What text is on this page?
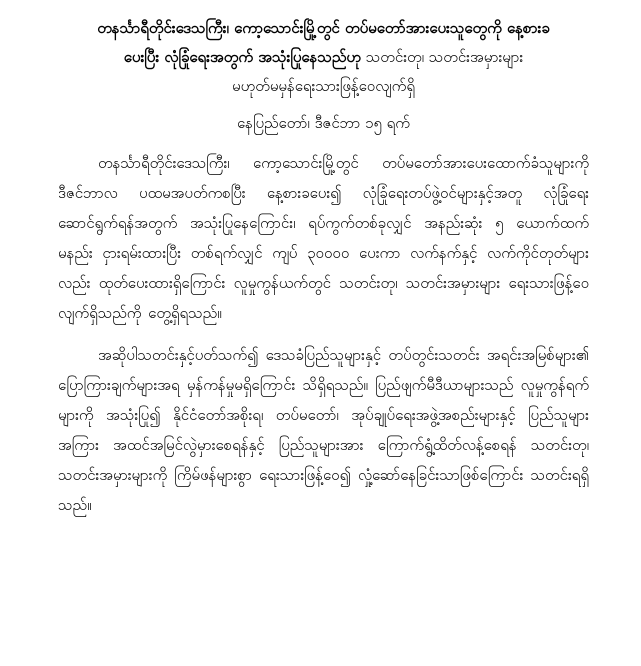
တနင်္သာရီတိုင်းဒေသကြီး၊ ကော့သောင်းမြို့တွင် တပ်မတော်အားပေးသူတွေကို နေ့စားခ
ပေးပြီး လုံခြုံရေးအတွက် အသုံးပြုနေသည်ဟု သတင်းတု၊ သတင်းအမှားများ

မဟုတ်မမှန်ရေးသားဖြန့်ဝေလျက်ရှိ

နေပြည်တော်၊ ဒီဇင်ဘာ ၁၅ ရက်

တနင်္သာရီတိုင်းဒေသကြီး၊ ကော့သောင်းမြို့တွင် တပ်မတော်အားပေးထောက်ခံသူများကို ဒီဇင်ဘာလ ပထမအပတ်ကစပြီး နေ့စားခပေး၍ လုံခြုံရေးတပ်ဖွဲ့ဝင်များနှင့်အတူ လုံခြုံရေးဆောင်ရွက်ရန်အတွက် အသုံးပြုနေကြောင်း၊ ရပ်ကွက်တစ်ခုလျှင် အနည်းဆုံး ၅ ယောက်ထက်မနည်း ငှားရမ်းထားပြီး တစ်ရက်လျှင် ကျပ် ၃၀၀၀၀ ပေးကာ လက်နက်နှင့် လက်ကိုင်တုတ်များလည်း ထုတ်ပေးထားရှိကြောင်း လူမှုကွန်ယက်တွင် သတင်းတု၊ သတင်းအမှားများ ရေးသားဖြန့်ဝေလျက်ရှိသည်ကို တွေ့ရှိရသည်။

အဆိုပါသတင်းနှင့်ပတ်သက်၍ ဒေသခံပြည်သူများနှင့် တပ်တွင်းသတင်း အရင်းအမြစ်များ၏ ပြောကြားချက်များအရ မှန်ကန်မှုမရှိကြောင်း သိရှိရသည်။ ပြည်ဖျက်မီဒီယာများသည် လူမှုကွန်ရက်များကို အသုံးပြု၍ နိုင်ငံတော်အစိုးရ၊ တပ်မတော်၊ အုပ်ချုပ်ရေးအဖွဲ့အစည်းများနှင့် ပြည်သူများအကြား အထင်အမြင်လွဲမှားစေရန်နှင့် ပြည်သူများအား ကြောက်ရွံ့ထိတ်လန့်စေရန် သတင်းတု၊ သတင်းအမှားများကို ကြိမ်ဖန်များစွာ ရေးသားဖြန့်ဝေ၍ လှုံ့ဆော်နေခြင်းသာဖြစ်ကြောင်း သတင်းရရှိသည်။
